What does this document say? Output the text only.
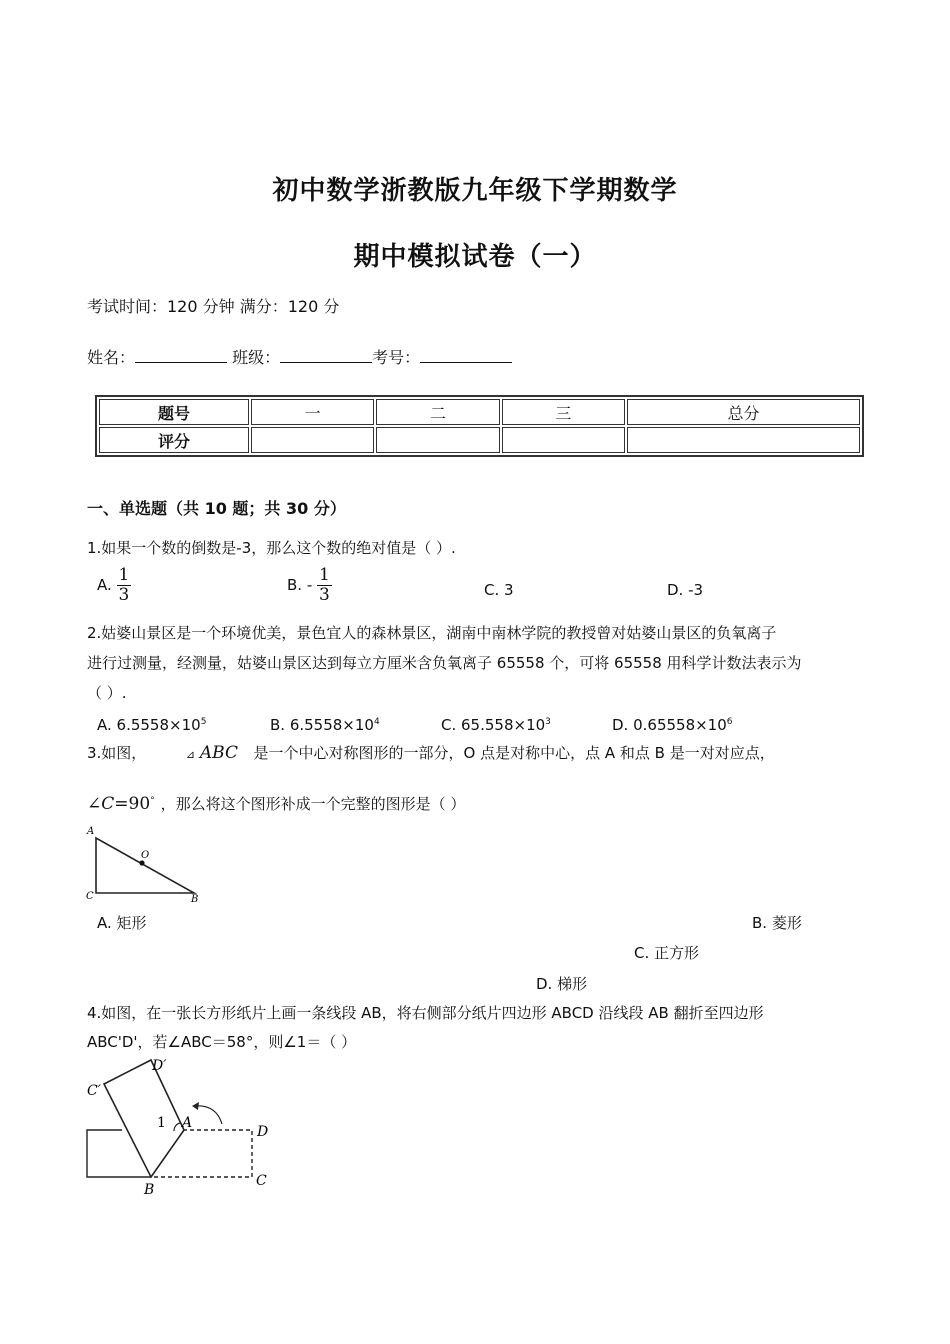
初中数学浙教版九年级下学期数学
期中模拟试卷（一）
考试时间：120 分钟 满分：120 分
姓名：	班级：	考号：
题号	一	二	三	总分
评分				
一、单选题（共 10 题；共 30 分）
1.如果一个数的倒数是-3，那么这个数的绝对值是（ ）.
A. $\frac{1}{3}$	B. - $\frac{1}{3}$	C. 3	D. -3
2.姑婆山景区是一个环境优美，景色宜人的森林景区，湖南中南林学院的教授曾对姑婆山景区的负氧离子
进行过测量，经测量，姑婆山景区达到每立方厘米含负氧离子 65558 个，可将 65558 用科学计数法表示为
（ ）.
A. $6.5558\times 10^5$	B. $6.5558\times 10^4$	C. $65.558\times 10^3$	D. $0.65558\times 10^6$
3.如图，	⊿ ABC 是一个中心对称图形的一部分，O 点是对称中心，点 A 和点 B 是一对对应点，
∠C=90° ，那么将这个图形补成一个完整的图形是（ ）
A
O
C	B
A. 矩形	B. 菱形
C. 正方形
D. 梯形
4.如图，在一张长方形纸片上画一条线段 AB，将右侧部分纸片四边形 ABCD 沿线段 AB 翻折至四边形
ABC'D'，若∠ABC＝58°，则∠1＝（ ）
C′
D′
1 A
D
B
C
